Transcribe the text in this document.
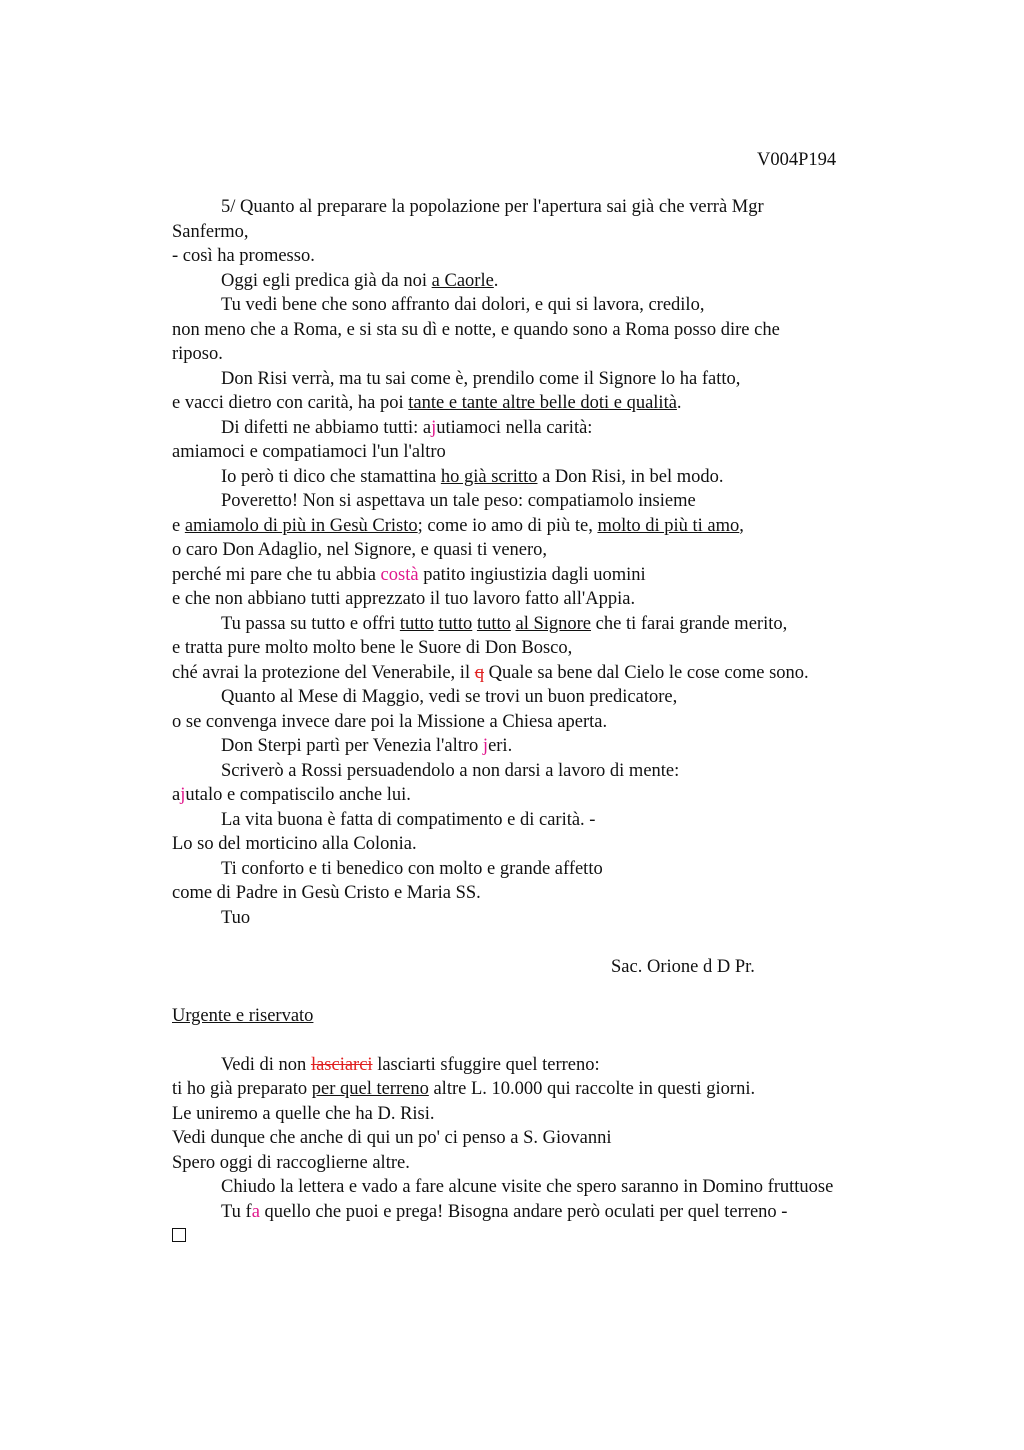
V004P194

5/ Quanto al preparare la popolazione per l'apertura sai già che verrà Mgr

Sanfermo,

- così ha promesso.

Oggi egli predica già da noi a Caorle.

Tu vedi bene che sono affranto dai dolori, e qui si lavora, credilo,

non meno che a Roma, e si sta su dì e notte, e quando sono a Roma posso dire che

riposo.

Don Risi verrà, ma tu sai come è, prendilo come il Signore lo ha fatto,

e vacci dietro con carità, ha poi tante e tante altre belle doti e qualità.

Di difetti ne abbiamo tutti: ajutiamoci nella carità:

amiamoci e compatiamoci l'un l'altro

Io però ti dico che stamattina ho già scritto a Don Risi, in bel modo.

Poveretto! Non si aspettava un tale peso: compatiamolo insieme

e amiamolo di più in Gesù Cristo; come io amo di più te, molto di più ti amo,

o caro Don Adaglio, nel Signore, e quasi ti venero,

perché mi pare che tu abbia costà patito ingiustizia dagli uomini

e che non abbiano tutti apprezzato il tuo lavoro fatto all'Appia.

Tu passa su tutto e offri tutto tutto tutto al Signore che ti farai grande merito,

e tratta pure molto molto bene le Suore di Don Bosco,

ché avrai la protezione del Venerabile, il q Quale sa bene dal Cielo le cose come sono.

Quanto al Mese di Maggio, vedi se trovi un buon predicatore,

o se convenga invece dare poi la Missione a Chiesa aperta.

Don Sterpi partì per Venezia l'altro jeri.

Scriverò a Rossi persuadendolo a non darsi a lavoro di mente:

ajutalo e compatiscilo anche lui.

La vita buona è fatta di compatimento e di carità. -

Lo so del morticino alla Colonia.

Ti conforto e ti benedico con molto e grande affetto

come di Padre in Gesù Cristo e Maria SS.

Tuo

Sac. Orione d D Pr.

Urgente e riservato

Vedi di non lasciarci lasciarti sfuggire quel terreno:

ti ho già preparato per quel terreno altre L. 10.000 qui raccolte in questi giorni.

Le uniremo a quelle che ha D. Risi.

Vedi dunque che anche di qui un po' ci penso a S. Giovanni

Spero oggi di raccoglierne altre.

Chiudo la lettera e vado a fare alcune visite che spero saranno in Domino fruttuose

Tu fa quello che puoi e prega! Bisogna andare però oculati per quel terreno -
